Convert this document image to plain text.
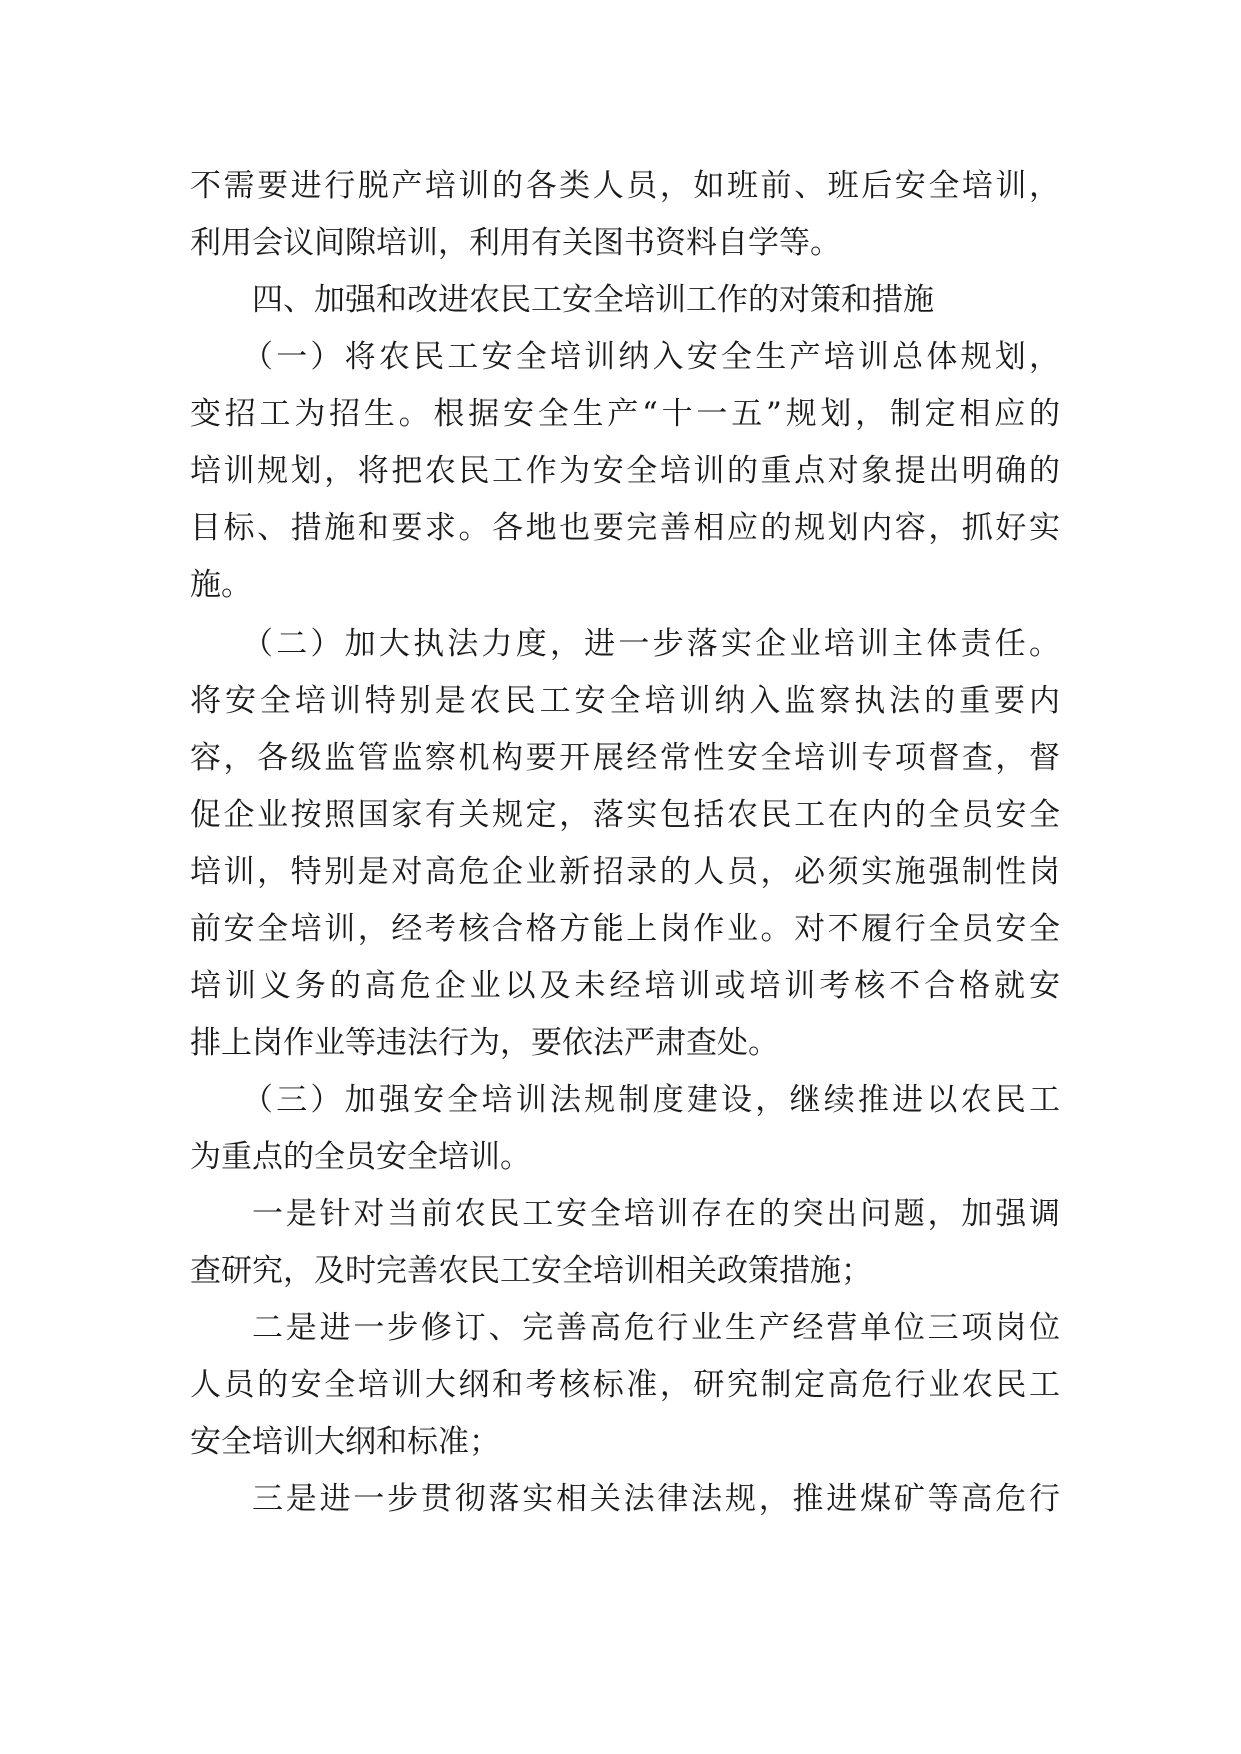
不需要进行脱产培训的各类人员，如班前、班后安全培训，
利用会议间隙培训，利用有关图书资料自学等。
四、加强和改进农民工安全培训工作的对策和措施
（一）将农民工安全培训纳入安全生产培训总体规划，
变招工为招生。根据安全生产“十一五”规划，制定相应的
培训规划，将把农民工作为安全培训的重点对象提出明确的
目标、措施和要求。各地也要完善相应的规划内容，抓好实
施。
（二）加大执法力度，进一步落实企业培训主体责任。
将安全培训特别是农民工安全培训纳入监察执法的重要内
容，各级监管监察机构要开展经常性安全培训专项督查，督
促企业按照国家有关规定，落实包括农民工在内的全员安全
培训，特别是对高危企业新招录的人员，必须实施强制性岗
前安全培训，经考核合格方能上岗作业。对不履行全员安全
培训义务的高危企业以及未经培训或培训考核不合格就安
排上岗作业等违法行为，要依法严肃查处。
（三）加强安全培训法规制度建设，继续推进以农民工
为重点的全员安全培训。
一是针对当前农民工安全培训存在的突出问题，加强调
查研究，及时完善农民工安全培训相关政策措施；
二是进一步修订、完善高危行业生产经营单位三项岗位
人员的安全培训大纲和考核标准，研究制定高危行业农民工
安全培训大纲和标准；
三是进一步贯彻落实相关法律法规，推进煤矿等高危行
